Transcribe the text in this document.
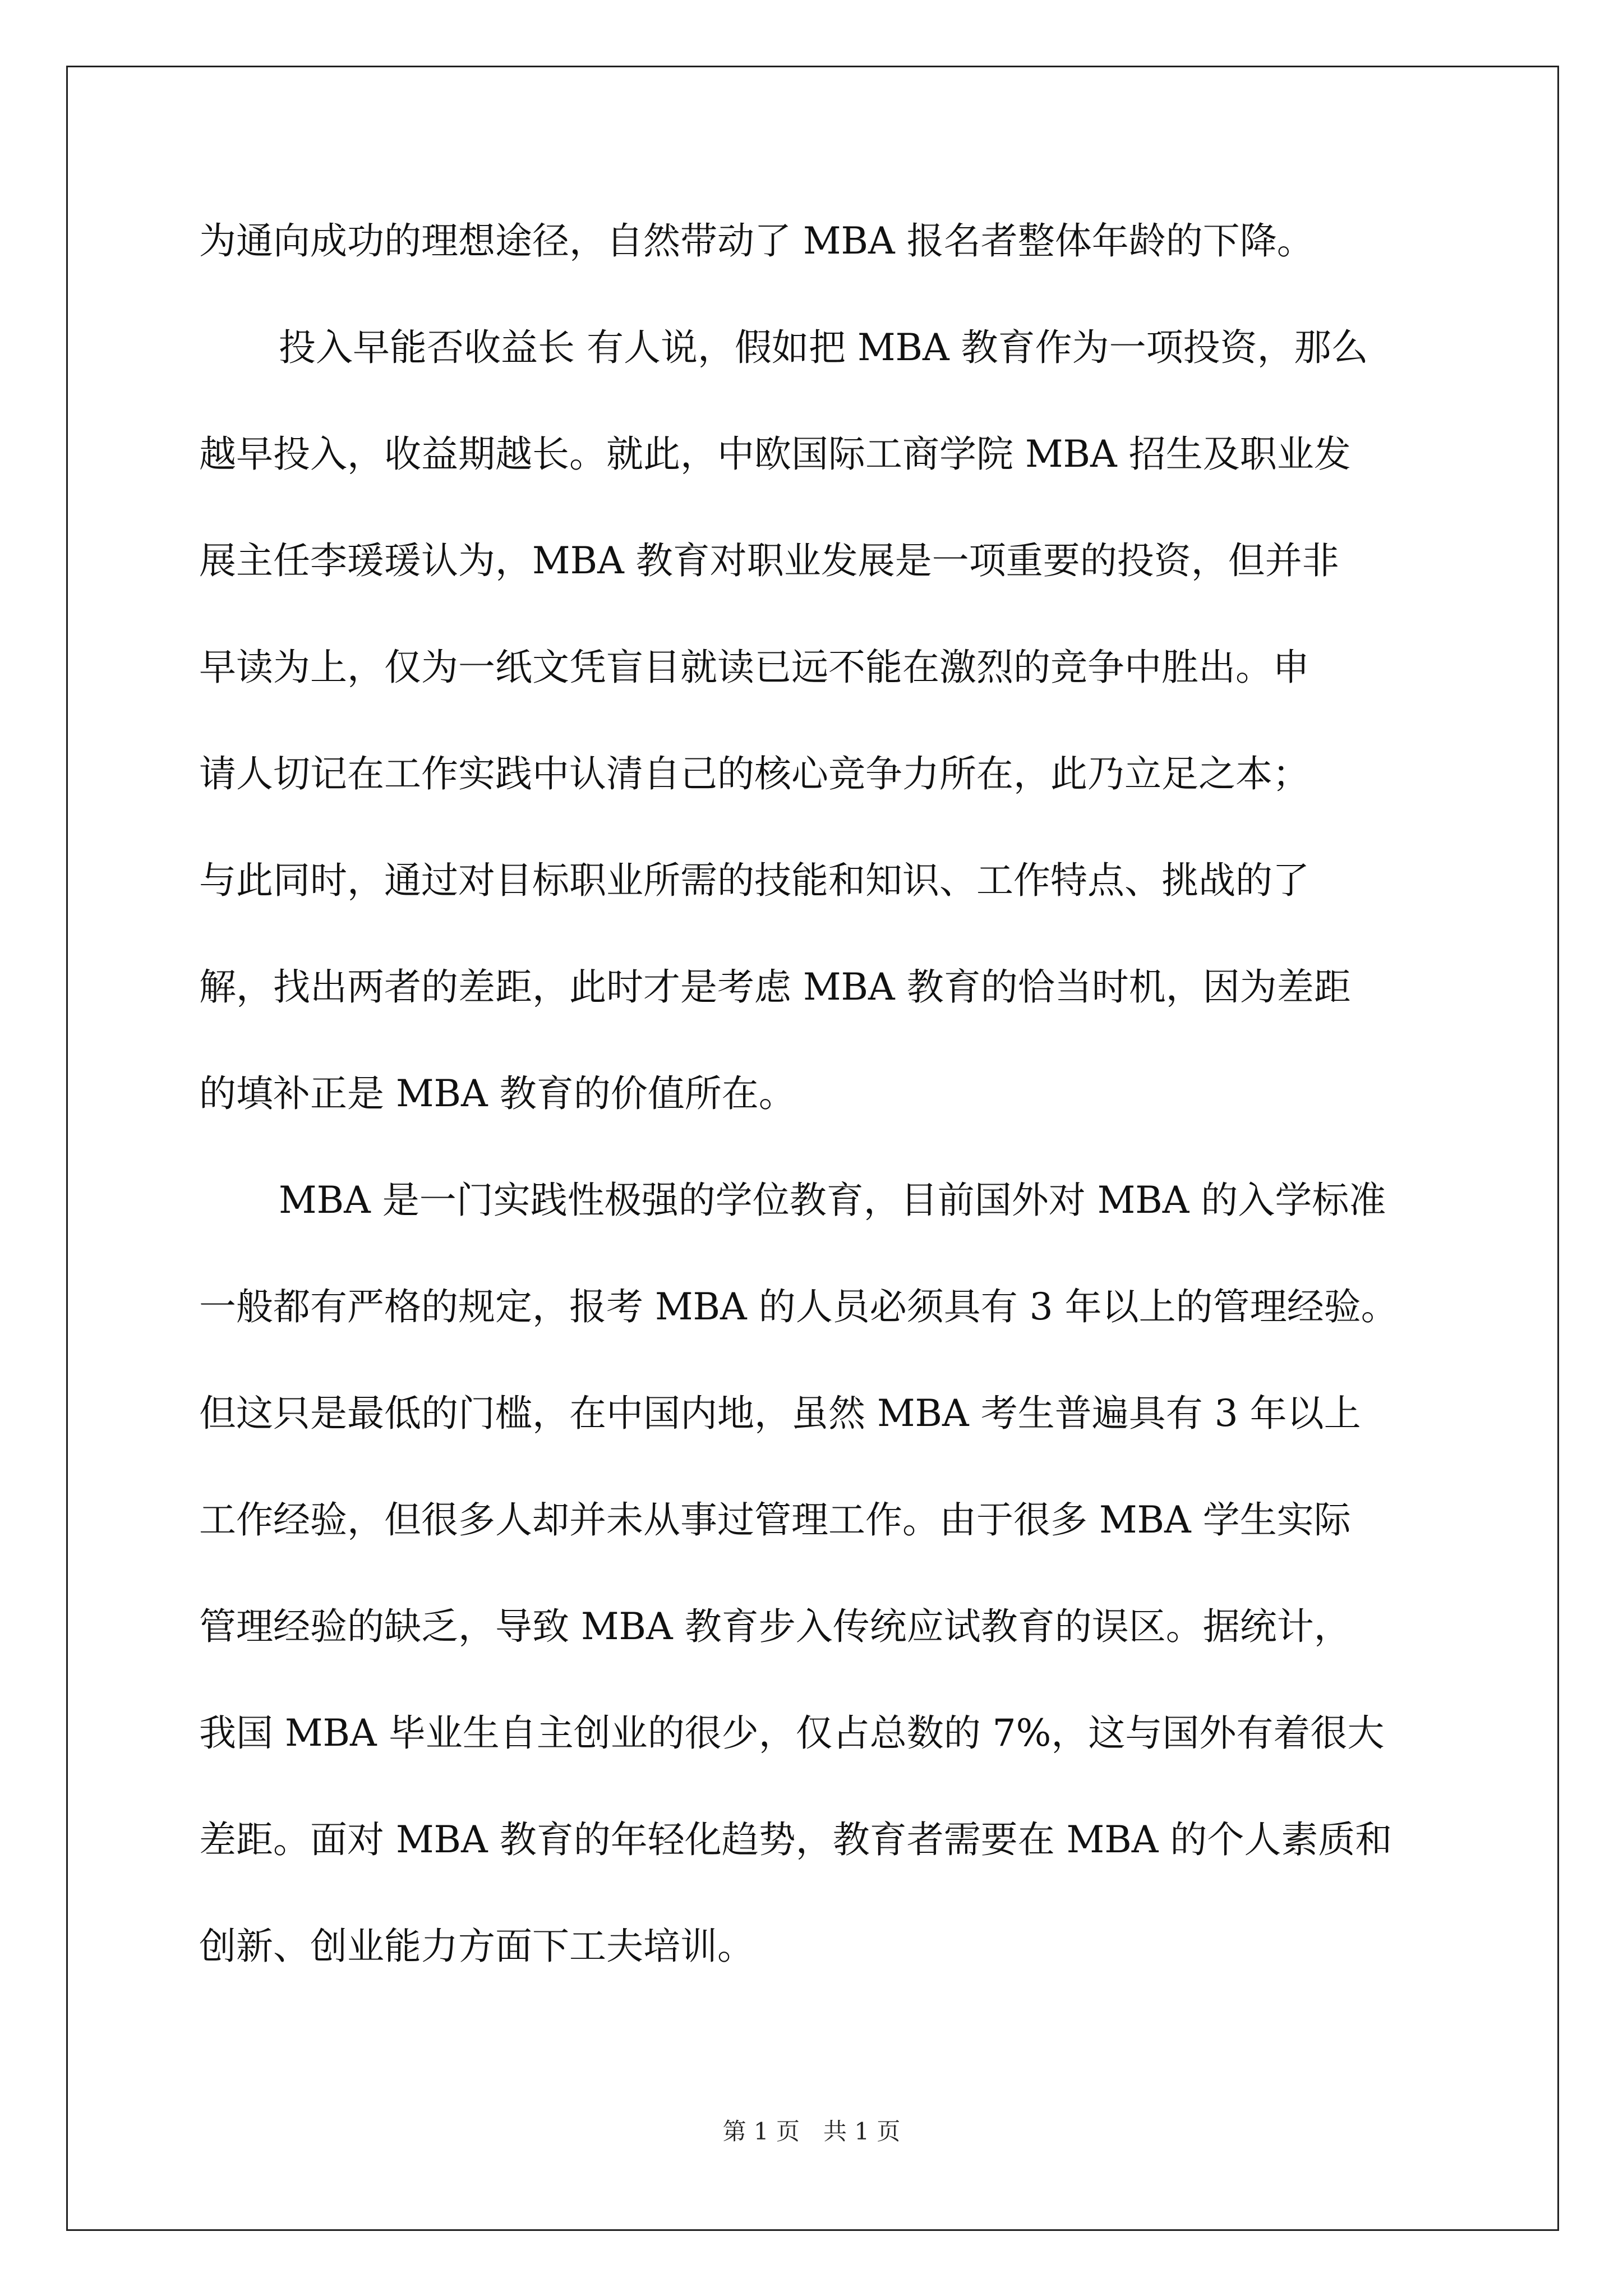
为通向成功的理想途径，自然带动了 MBA 报名者整体年龄的下降。
投入早能否收益长 有人说，假如把 MBA 教育作为一项投资，那么
越早投入，收益期越长。就此，中欧国际工商学院 MBA 招生及职业发
展主任李瑗瑗认为，MBA 教育对职业发展是一项重要的投资，但并非
早读为上，仅为一纸文凭盲目就读已远不能在激烈的竞争中胜出。申
请人切记在工作实践中认清自己的核心竞争力所在，此乃立足之本；
与此同时，通过对目标职业所需的技能和知识、工作特点、挑战的了
解，找出两者的差距，此时才是考虑 MBA 教育的恰当时机，因为差距
的填补正是 MBA 教育的价值所在。
MBA 是一门实践性极强的学位教育，目前国外对 MBA 的入学标准
一般都有严格的规定，报考 MBA 的人员必须具有 3 年以上的管理经验。
但这只是最低的门槛，在中国内地，虽然 MBA 考生普遍具有 3 年以上
工作经验，但很多人却并未从事过管理工作。由于很多 MBA 学生实际
管理经验的缺乏，导致 MBA 教育步入传统应试教育的误区。据统计，
我国 MBA 毕业生自主创业的很少，仅占总数的 7%，这与国外有着很大
差距。面对 MBA 教育的年轻化趋势，教育者需要在 MBA 的个人素质和
创新、创业能力方面下工夫培训。
第 1 页 共 1 页
